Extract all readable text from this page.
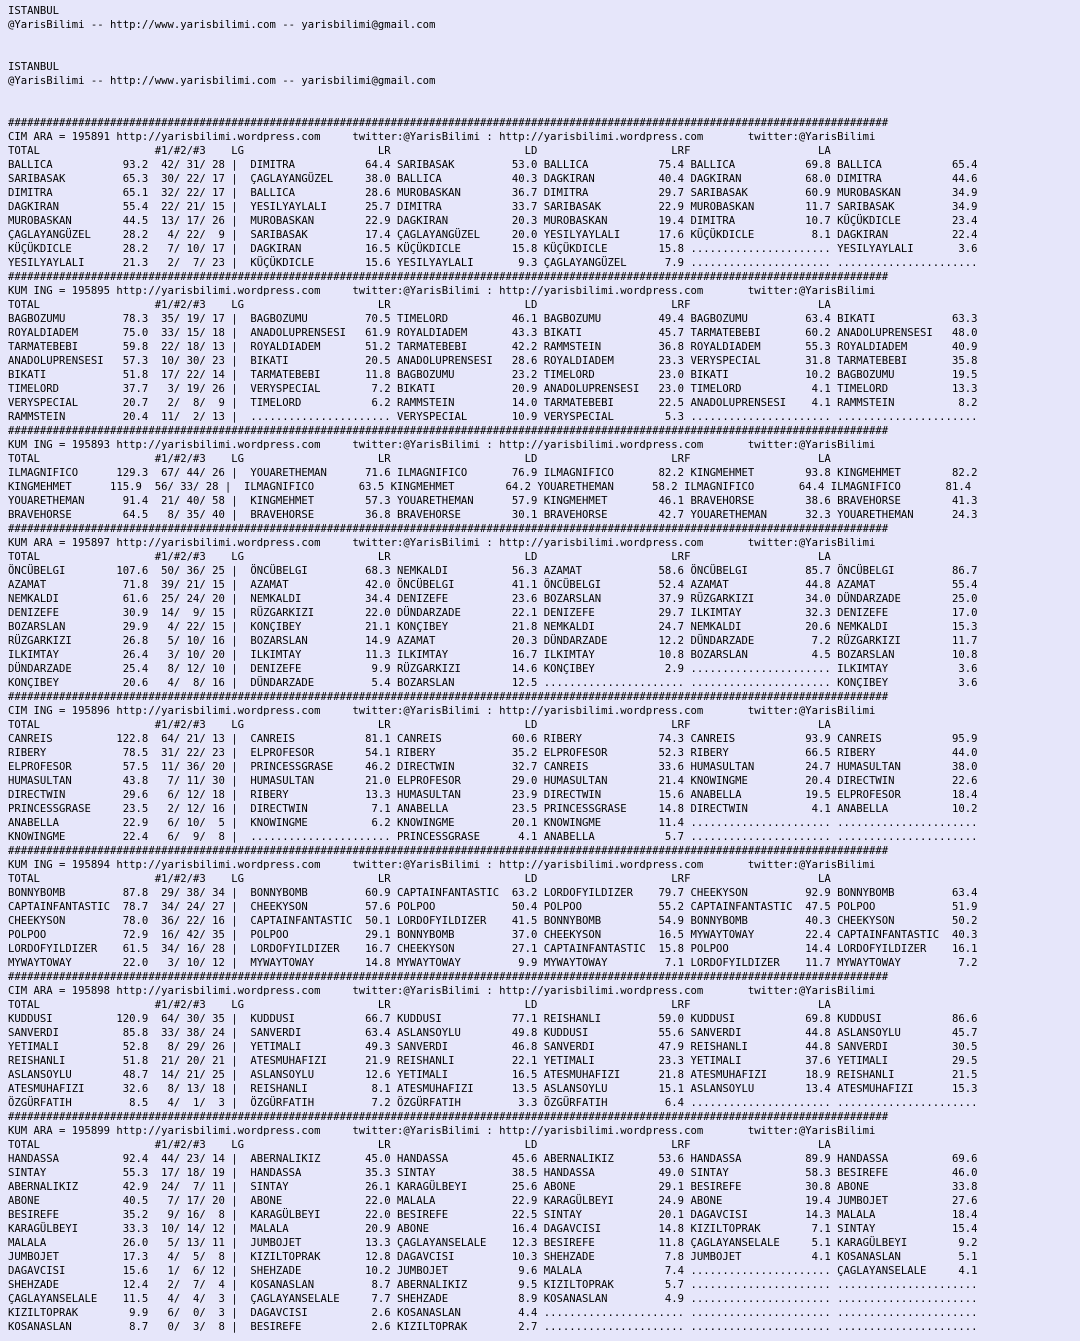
ISTANBUL
@YarisBilimi -- http://www.yarisbilimi.com -- yarisbilimi@gmail.com
ISTANBUL
@YarisBilimi -- http://www.yarisbilimi.com -- yarisbilimi@gmail.com
##########################################################################################################################################
CIM ARA = 195891 http://yarisbilimi.wordpress.com     twitter:@YarisBilimi : http://yarisbilimi.wordpress.com       twitter:@YarisBilimi
TOTAL                  #1/#2/#3    LG                     LR                     LD                     LRF                    LA
BALLICA           93.2  42/ 31/ 28 |  DIMITRA           64.4 SARIBASAK         53.0 BALLICA           75.4 BALLICA           69.8 BALLICA           65.4
SARIBASAK         65.3  30/ 22/ 17 |  ÇAGLAYANGÜZEL     38.0 BALLICA           40.3 DAGKIRAN          40.4 DAGKIRAN          68.0 DIMITRA           44.6
DIMITRA           65.1  32/ 22/ 17 |  BALLICA           28.6 MUROBASKAN        36.7 DIMITRA           29.7 SARIBASAK         60.9 MUROBASKAN        34.9
DAGKIRAN          55.4  22/ 21/ 15 |  YESILYAYLALI      25.7 DIMITRA           33.7 SARIBASAK         22.9 MUROBASKAN        11.7 SARIBASAK         34.9
MUROBASKAN        44.5  13/ 17/ 26 |  MUROBASKAN        22.9 DAGKIRAN          20.3 MUROBASKAN        19.4 DIMITRA           10.7 KÜÇÜKDICLE        23.4
ÇAGLAYANGÜZEL     28.2   4/ 22/  9 |  SARIBASAK         17.4 ÇAGLAYANGÜZEL     20.0 YESILYAYLALI      17.6 KÜÇÜKDICLE         8.1 DAGKIRAN          22.4
KÜÇÜKDICLE        28.2   7/ 10/ 17 |  DAGKIRAN          16.5 KÜÇÜKDICLE        15.8 KÜÇÜKDICLE        15.8 ...................... YESILYAYLALI       3.6
YESILYAYLALI      21.3   2/  7/ 23 |  KÜÇÜKDICLE        15.6 YESILYAYLALI       9.3 ÇAGLAYANGÜZEL      7.9 ...................... ......................
##########################################################################################################################################
KUM ING = 195895 http://yarisbilimi.wordpress.com     twitter:@YarisBilimi : http://yarisbilimi.wordpress.com       twitter:@YarisBilimi
TOTAL                  #1/#2/#3    LG                     LR                     LD                     LRF                    LA
BAGBOZUMU         78.3  35/ 19/ 17 |  BAGBOZUMU         70.5 TIMELORD          46.1 BAGBOZUMU         49.4 BAGBOZUMU         63.4 BIKATI            63.3
ROYALDIADEM       75.0  33/ 15/ 18 |  ANADOLUPRENSESI   61.9 ROYALDIADEM       43.3 BIKATI            45.7 TARMATEBEBI       60.2 ANADOLUPRENSESI   48.0
TARMATEBEBI       59.8  22/ 18/ 13 |  ROYALDIADEM       51.2 TARMATEBEBI       42.2 RAMMSTEIN         36.8 ROYALDIADEM       55.3 ROYALDIADEM       40.9
ANADOLUPRENSESI   57.3  10/ 30/ 23 |  BIKATI            20.5 ANADOLUPRENSESI   28.6 ROYALDIADEM       23.3 VERYSPECIAL       31.8 TARMATEBEBI       35.8
BIKATI            51.8  17/ 22/ 14 |  TARMATEBEBI       11.8 BAGBOZUMU         23.2 TIMELORD          23.0 BIKATI            10.2 BAGBOZUMU         19.5
TIMELORD          37.7   3/ 19/ 26 |  VERYSPECIAL        7.2 BIKATI            20.9 ANADOLUPRENSESI   23.0 TIMELORD           4.1 TIMELORD          13.3
VERYSPECIAL       20.7   2/  8/  9 |  TIMELORD           6.2 RAMMSTEIN         14.0 TARMATEBEBI       22.5 ANADOLUPRENSESI    4.1 RAMMSTEIN          8.2
RAMMSTEIN         20.4  11/  2/ 13 |  ...................... VERYSPECIAL       10.9 VERYSPECIAL        5.3 ...................... ......................
##########################################################################################################################################
KUM ING = 195893 http://yarisbilimi.wordpress.com     twitter:@YarisBilimi : http://yarisbilimi.wordpress.com       twitter:@YarisBilimi
TOTAL                  #1/#2/#3    LG                     LR                     LD                     LRF                    LA
ILMAGNIFICO      129.3  67/ 44/ 26 |  YOUARETHEMAN      71.6 ILMAGNIFICO       76.9 ILMAGNIFICO       82.2 KINGMEHMET        93.8 KINGMEHMET        82.2
KINGMEHMET      115.9  56/ 33/ 28 |  ILMAGNIFICO       63.5 KINGMEHMET        64.2 YOUARETHEMAN      58.2 ILMAGNIFICO       64.4 ILMAGNIFICO       81.4
YOUARETHEMAN      91.4  21/ 40/ 58 |  KINGMEHMET        57.3 YOUARETHEMAN      57.9 KINGMEHMET        46.1 BRAVEHORSE        38.6 BRAVEHORSE        41.3
BRAVEHORSE        64.5   8/ 35/ 40 |  BRAVEHORSE        36.8 BRAVEHORSE        30.1 BRAVEHORSE        42.7 YOUARETHEMAN      32.3 YOUARETHEMAN      24.3
##########################################################################################################################################
KUM ARA = 195897 http://yarisbilimi.wordpress.com     twitter:@YarisBilimi : http://yarisbilimi.wordpress.com       twitter:@YarisBilimi
TOTAL                  #1/#2/#3    LG                     LR                     LD                     LRF                    LA
ÖNCÜBELGI        107.6  50/ 36/ 25 |  ÖNCÜBELGI         68.3 NEMKALDI          56.3 AZAMAT            58.6 ÖNCÜBELGI         85.7 ÖNCÜBELGI         86.7
AZAMAT            71.8  39/ 21/ 15 |  AZAMAT            42.0 ÖNCÜBELGI         41.1 ÖNCÜBELGI         52.4 AZAMAT            44.8 AZAMAT            55.4
NEMKALDI          61.6  25/ 24/ 20 |  NEMKALDI          34.4 DENIZEFE          23.6 BOZARSLAN         37.9 RÜZGARKIZI        34.0 DÜNDARZADE        25.0
DENIZEFE          30.9  14/  9/ 15 |  RÜZGARKIZI        22.0 DÜNDARZADE        22.1 DENIZEFE          29.7 ILKIMTAY          32.3 DENIZEFE          17.0
BOZARSLAN         29.9   4/ 22/ 15 |  KONÇIBEY          21.1 KONÇIBEY          21.8 NEMKALDI          24.7 NEMKALDI          20.6 NEMKALDI          15.3
RÜZGARKIZI        26.8   5/ 10/ 16 |  BOZARSLAN         14.9 AZAMAT            20.3 DÜNDARZADE        12.2 DÜNDARZADE         7.2 RÜZGARKIZI        11.7
ILKIMTAY          26.4   3/ 10/ 20 |  ILKIMTAY          11.3 ILKIMTAY          16.7 ILKIMTAY          10.8 BOZARSLAN          4.5 BOZARSLAN         10.8
DÜNDARZADE        25.4   8/ 12/ 10 |  DENIZEFE           9.9 RÜZGARKIZI        14.6 KONÇIBEY           2.9 ...................... ILKIMTAY           3.6
KONÇIBEY          20.6   4/  8/ 16 |  DÜNDARZADE         5.4 BOZARSLAN         12.5 ...................... ...................... KONÇIBEY           3.6
##########################################################################################################################################
CIM ING = 195896 http://yarisbilimi.wordpress.com     twitter:@YarisBilimi : http://yarisbilimi.wordpress.com       twitter:@YarisBilimi
TOTAL                  #1/#2/#3    LG                     LR                     LD                     LRF                    LA
CANREIS          122.8  64/ 21/ 13 |  CANREIS           81.1 CANREIS           60.6 RIBERY            74.3 CANREIS           93.9 CANREIS           95.9
RIBERY            78.5  31/ 22/ 23 |  ELPROFESOR        54.1 RIBERY            35.2 ELPROFESOR        52.3 RIBERY            66.5 RIBERY            44.0
ELPROFESOR        57.5  11/ 36/ 20 |  PRINCESSGRASE     46.2 DIRECTWIN         32.7 CANREIS           33.6 HUMASULTAN        24.7 HUMASULTAN        38.0
HUMASULTAN        43.8   7/ 11/ 30 |  HUMASULTAN        21.0 ELPROFESOR        29.0 HUMASULTAN        21.4 KNOWINGME         20.4 DIRECTWIN         22.6
DIRECTWIN         29.6   6/ 12/ 18 |  RIBERY            13.3 HUMASULTAN        23.9 DIRECTWIN         15.6 ANABELLA          19.5 ELPROFESOR        18.4
PRINCESSGRASE     23.5   2/ 12/ 16 |  DIRECTWIN          7.1 ANABELLA          23.5 PRINCESSGRASE     14.8 DIRECTWIN          4.1 ANABELLA          10.2
ANABELLA          22.9   6/ 10/  5 |  KNOWINGME          6.2 KNOWINGME         20.1 KNOWINGME         11.4 ...................... ......................
KNOWINGME         22.4   6/  9/  8 |  ...................... PRINCESSGRASE      4.1 ANABELLA           5.7 ...................... ......................
##########################################################################################################################################
KUM ING = 195894 http://yarisbilimi.wordpress.com     twitter:@YarisBilimi : http://yarisbilimi.wordpress.com       twitter:@YarisBilimi
TOTAL                  #1/#2/#3    LG                     LR                     LD                     LRF                    LA
BONNYBOMB         87.8  29/ 38/ 34 |  BONNYBOMB         60.9 CAPTAINFANTASTIC  63.2 LORDOFYILDIZER    79.7 CHEEKYSON         92.9 BONNYBOMB         63.4
CAPTAINFANTASTIC  78.7  34/ 24/ 27 |  CHEEKYSON         57.6 POLPOO            50.4 POLPOO            55.2 CAPTAINFANTASTIC  47.5 POLPOO            51.9
CHEEKYSON         78.0  36/ 22/ 16 |  CAPTAINFANTASTIC  50.1 LORDOFYILDIZER    41.5 BONNYBOMB         54.9 BONNYBOMB         40.3 CHEEKYSON         50.2
POLPOO            72.9  16/ 42/ 35 |  POLPOO            29.1 BONNYBOMB         37.0 CHEEKYSON         16.5 MYWAYTOWAY        22.4 CAPTAINFANTASTIC  40.3
LORDOFYILDIZER    61.5  34/ 16/ 28 |  LORDOFYILDIZER    16.7 CHEEKYSON         27.1 CAPTAINFANTASTIC  15.8 POLPOO            14.4 LORDOFYILDIZER    16.1
MYWAYTOWAY        22.0   3/ 10/ 12 |  MYWAYTOWAY        14.8 MYWAYTOWAY         9.9 MYWAYTOWAY         7.1 LORDOFYILDIZER    11.7 MYWAYTOWAY         7.2
##########################################################################################################################################
CIM ARA = 195898 http://yarisbilimi.wordpress.com     twitter:@YarisBilimi : http://yarisbilimi.wordpress.com       twitter:@YarisBilimi
TOTAL                  #1/#2/#3    LG                     LR                     LD                     LRF                    LA
KUDDUSI          120.9  64/ 30/ 35 |  KUDDUSI           66.7 KUDDUSI           77.1 REISHANLI         59.0 KUDDUSI           69.8 KUDDUSI           86.6
SANVERDI          85.8  33/ 38/ 24 |  SANVERDI          63.4 ASLANSOYLU        49.8 KUDDUSI           55.6 SANVERDI          44.8 ASLANSOYLU        45.7
YETIMALI          52.8   8/ 29/ 26 |  YETIMALI          49.3 SANVERDI          46.8 SANVERDI          47.9 REISHANLI         44.8 SANVERDI          30.5
REISHANLI         51.8  21/ 20/ 21 |  ATESMUHAFIZI      21.9 REISHANLI         22.1 YETIMALI          23.3 YETIMALI          37.6 YETIMALI          29.5
ASLANSOYLU        48.7  14/ 21/ 25 |  ASLANSOYLU        12.6 YETIMALI          16.5 ATESMUHAFIZI      21.8 ATESMUHAFIZI      18.9 REISHANLI         21.5
ATESMUHAFIZI      32.6   8/ 13/ 18 |  REISHANLI          8.1 ATESMUHAFIZI      13.5 ASLANSOYLU        15.1 ASLANSOYLU        13.4 ATESMUHAFIZI      15.3
ÖZGÜRFATIH         8.5   4/  1/  3 |  ÖZGÜRFATIH         7.2 ÖZGÜRFATIH         3.3 ÖZGÜRFATIH         6.4 ...................... ......................
##########################################################################################################################################
KUM ARA = 195899 http://yarisbilimi.wordpress.com     twitter:@YarisBilimi : http://yarisbilimi.wordpress.com       twitter:@YarisBilimi
TOTAL                  #1/#2/#3    LG                     LR                     LD                     LRF                    LA
HANDASSA          92.4  44/ 23/ 14 |  ABERNALIKIZ       45.0 HANDASSA          45.6 ABERNALIKIZ       53.6 HANDASSA          89.9 HANDASSA          69.6
SINTAY            55.3  17/ 18/ 19 |  HANDASSA          35.3 SINTAY            38.5 HANDASSA          49.0 SINTAY            58.3 BESIREFE          46.0
ABERNALIKIZ       42.9  24/  7/ 11 |  SINTAY            26.1 KARAGÜLBEYI       25.6 ABONE             29.1 BESIREFE          30.8 ABONE             33.8
ABONE             40.5   7/ 17/ 20 |  ABONE             22.0 MALALA            22.9 KARAGÜLBEYI       24.9 ABONE             19.4 JUMBOJET          27.6
BESIREFE          35.2   9/ 16/  8 |  KARAGÜLBEYI       22.0 BESIREFE          22.5 SINTAY            20.1 DAGAVCISI         14.3 MALALA            18.4
KARAGÜLBEYI       33.3  10/ 14/ 12 |  MALALA            20.9 ABONE             16.4 DAGAVCISI         14.8 KIZILTOPRAK        7.1 SINTAY            15.4
MALALA            26.0   5/ 13/ 11 |  JUMBOJET          13.3 ÇAGLAYANSELALE    12.3 BESIREFE          11.8 ÇAGLAYANSELALE     5.1 KARAGÜLBEYI        9.2
JUMBOJET          17.3   4/  5/  8 |  KIZILTOPRAK       12.8 DAGAVCISI         10.3 SHEHZADE           7.8 JUMBOJET           4.1 KOSANASLAN         5.1
DAGAVCISI         15.6   1/  6/ 12 |  SHEHZADE          10.2 JUMBOJET           9.6 MALALA             7.4 ...................... ÇAGLAYANSELALE     4.1
SHEHZADE          12.4   2/  7/  4 |  KOSANASLAN         8.7 ABERNALIKIZ        9.5 KIZILTOPRAK        5.7 ...................... ......................
ÇAGLAYANSELALE    11.5   4/  4/  3 |  ÇAGLAYANSELALE     7.7 SHEHZADE           8.9 KOSANASLAN         4.9 ...................... ......................
KIZILTOPRAK        9.9   6/  0/  3 |  DAGAVCISI          2.6 KOSANASLAN         4.4 ...................... ...................... ......................
KOSANASLAN         8.7   0/  3/  8 |  BESIREFE           2.6 KIZILTOPRAK        2.7 ...................... ...................... ......................
